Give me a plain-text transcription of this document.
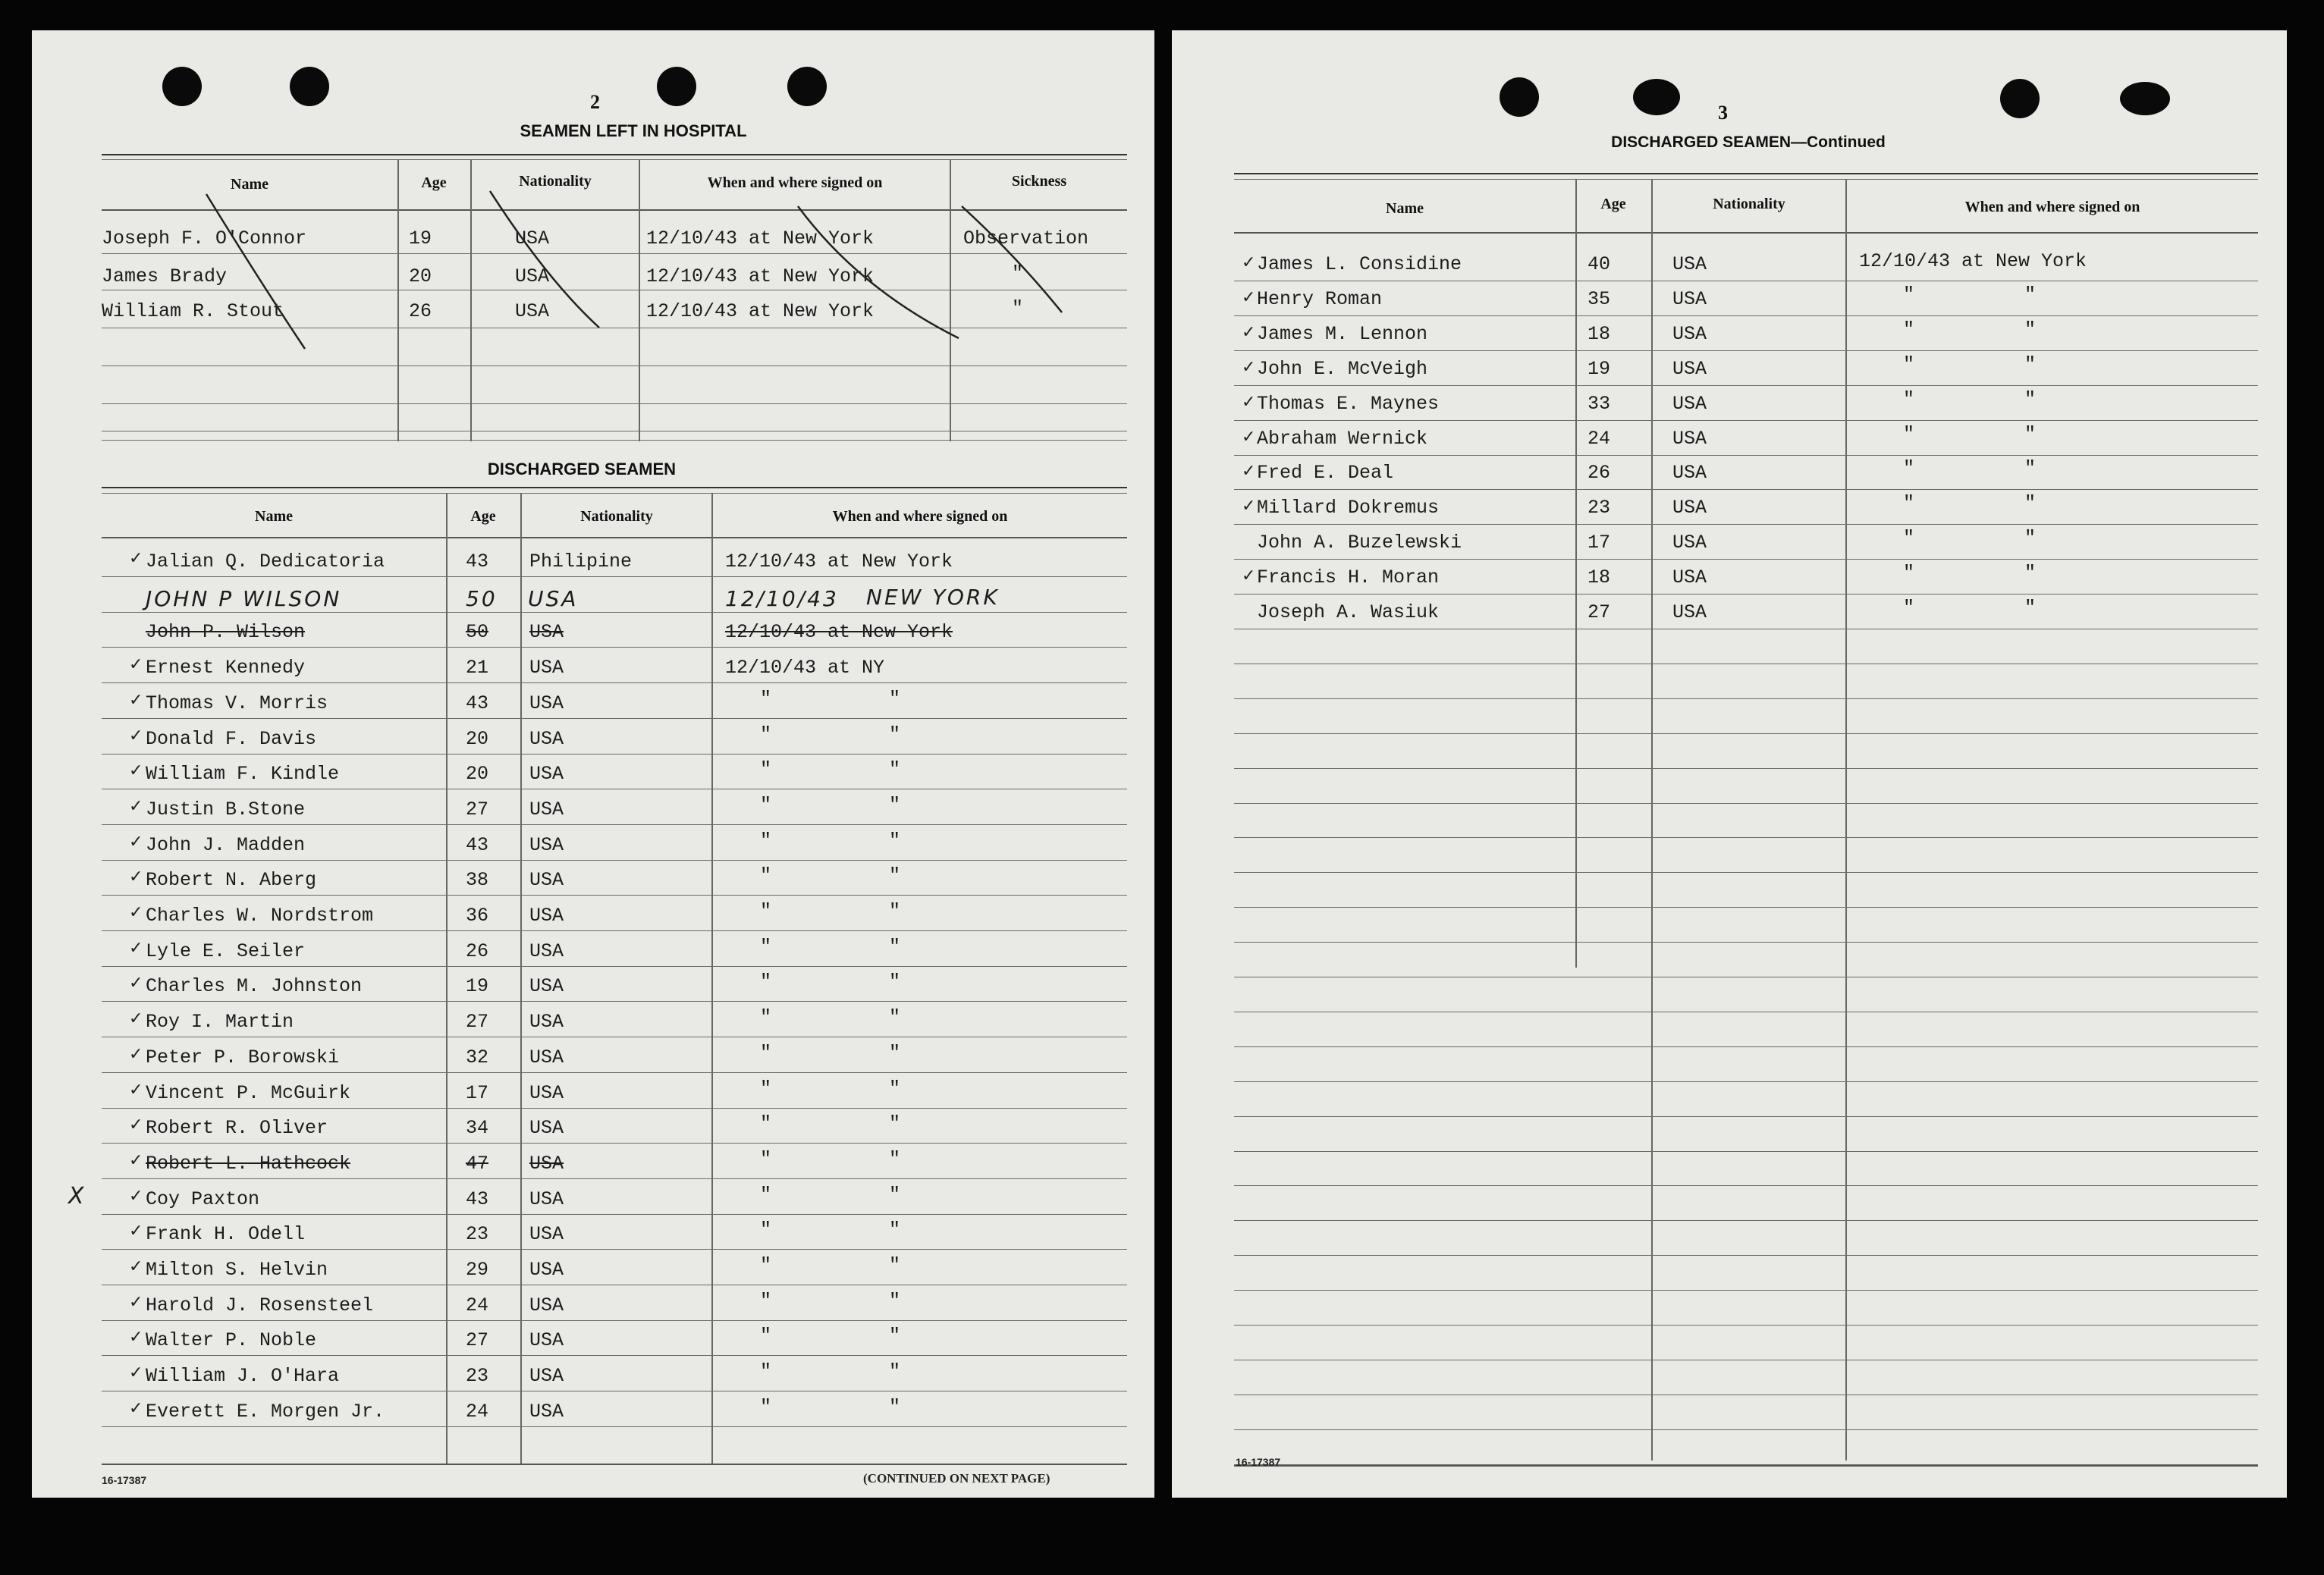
2
SEAMEN LEFT IN HOSPITAL
Name	Age	Nationality	When and where signed on	Sickness
Joseph F. O'Connor	19	USA	12/10/43 at New York	Observation
James Brady	20	USA	12/10/43 at New York	"
William R. Stout	26	USA	12/10/43 at New York	"
DISCHARGED SEAMEN
Name	Age	Nationality	When and where signed on
Jalian Q. Dedicatoria	43 Philipine	12/10/43 at New York
✓
JOHN P WILSON	50 USA	12/10/43 NEW YORK
John P. Wilson	50 USA	12/10/43 at New York
Ernest Kennedy	21 USA	12/10/43 at NY
✓
Thomas V. Morris	43 USA	"	"
✓
Donald F. Davis	20 USA	"	"
✓
William F. Kindle	20 USA	"	"
✓
Justin B.Stone	27 USA	"	"
✓
John J. Madden	43 USA	"	"
✓
Robert N. Aberg	38 USA	"	"
✓
Charles W. Nordstrom	36 USA	"	"
✓
Lyle E. Seiler	26 USA	"	"
✓
Charles M. Johnston	19 USA	"	"
✓
Roy I. Martin	27 USA	"	"
✓
Peter P. Borowski	32 USA	"	"
✓
Vincent P. McGuirk	17 USA	"	"
✓
Robert R. Oliver	34 USA	"	"
✓
Robert L. Hathcock	47 USA	"	"
✓
Coy Paxton	43 USA	"	"
✓
Frank H. Odell	23 USA	"	"
✓
Milton S. Helvin	29 USA	"	"
✓
Harold J. Rosensteel	24 USA	"	"
✓
Walter P. Noble	27 USA	"	"
✓
William J. O'Hara	23 USA	"	"
✓
Everett E. Morgen Jr.	24 USA	"	"
✓
16-17387	(CONTINUED ON NEXT PAGE)
X
3
DISCHARGED SEAMEN—Continued
Name	Age	Nationality	When and where signed on
James L. Considine	40	USA	12/10/43 at New York
✓
Henry Roman	35	USA	"	"
✓
James M. Lennon	18	USA	"	"
✓
John E. McVeigh	19	USA	"	"
✓
Thomas E. Maynes	33	USA	"	"
✓
Abraham Wernick	24	USA	"	"
✓
Fred E. Deal	26	USA	"	"
✓
Millard Dokremus	23	USA	"	"
✓
John A. Buzelewski	17	USA	"	"
Francis H. Moran	18	USA	"	"
✓
Joseph A. Wasiuk	27	USA	"	"
16-17387
